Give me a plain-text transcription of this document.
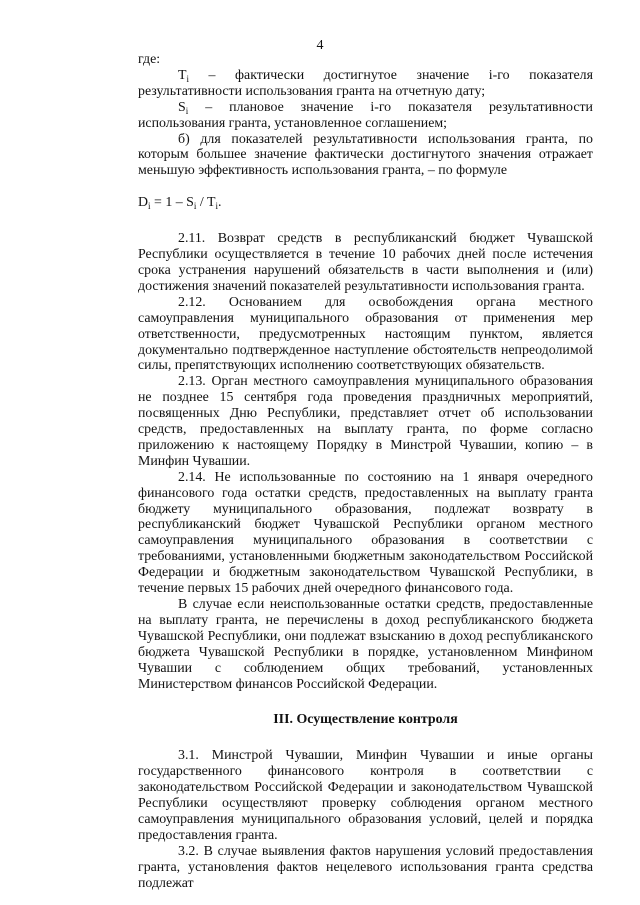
4

где:

$T_i$ – фактически достигнутое значение i-го показателя результативности использования гранта на отчетную дату;

$S_i$ – плановое значение i-го показателя результативности использования гранта, установленное соглашением;

б) для показателей результативности использования гранта, по которым большее значение фактически достигнутого значения отражает меньшую эффективность использования гранта, – по формуле

$D_i = 1 - S_i / T_i$.

2.11. Возврат средств в республиканский бюджет Чувашской Республики осуществляется в течение 10 рабочих дней после истечения срока устранения нарушений обязательств в части выполнения и (или) достижения значений показателей результативности использования гранта.

2.12. Основанием для освобождения органа местного самоуправления муниципального образования от применения мер ответственности, предусмотренных настоящим пунктом, является документально подтвержденное наступление обстоятельств непреодолимой силы, препятствующих исполнению соответствующих обязательств.

2.13. Орган местного самоуправления муниципального образования не позднее 15 сентября года проведения праздничных мероприятий, посвященных Дню Республики, представляет отчет об использовании средств, предоставленных на выплату гранта, по форме согласно приложению к настоящему Порядку в Минстрой Чувашии, копию – в Минфин Чувашии.

2.14. Не использованные по состоянию на 1 января очередного финансового года остатки средств, предоставленных на выплату гранта бюджету муниципального образования, подлежат возврату в республиканский бюджет Чувашской Республики органом местного самоуправления муниципального образования в соответствии с требованиями, установленными бюджетным законодательством Российской Федерации и бюджетным законодательством Чувашской Республики, в течение первых 15 рабочих дней очередного финансового года.

В случае если неиспользованные остатки средств, предоставленные на выплату гранта, не перечислены в доход республиканского бюджета Чувашской Республики, они подлежат взысканию в доход республиканского бюджета Чувашской Республики в порядке, установленном Минфином Чувашии с соблюдением общих требований, установленных Министерством финансов Российской Федерации.

III. Осуществление контроля

3.1. Минстрой Чувашии, Минфин Чувашии и иные органы государственного финансового контроля в соответствии с законодательством Российской Федерации и законодательством Чувашской Республики осуществляют проверку соблюдения органом местного самоуправления муниципального образования условий, целей и порядка предоставления гранта.

3.2. В случае выявления фактов нарушения условий предоставления гранта, установления фактов нецелевого использования гранта средства подлежат
